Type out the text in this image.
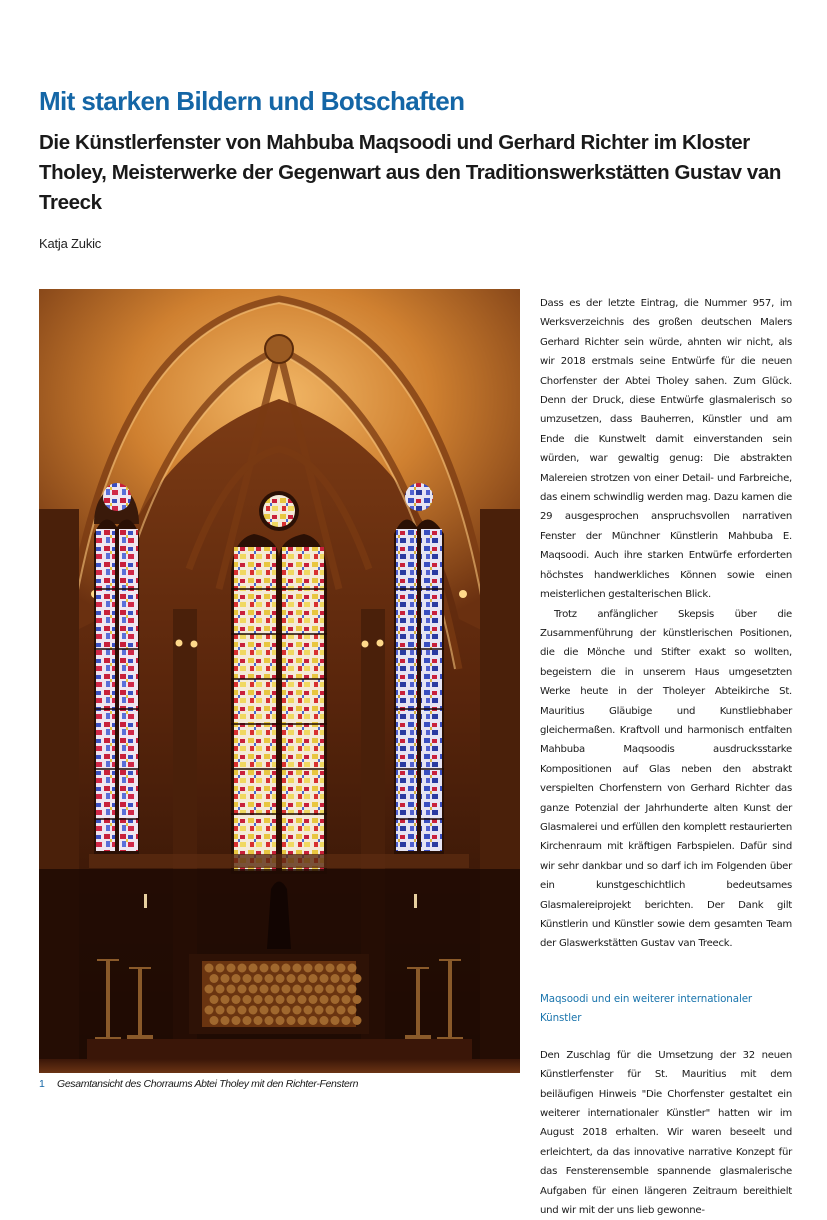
Mit starken Bildern und Botschaften
Die Künstlerfenster von Mahbuba Maqsoodi und Gerhard Richter im Kloster Tholey, Meisterwerke der Gegenwart aus den Traditionswerkstätten Gustav van Treeck
Katja Zukic
1 Gesamtansicht des Chorraums Abtei Tholey mit den Richter-Fenstern

Dass es der letzte Eintrag, die Nummer 957, im Werksverzeichnis des großen deutschen Malers Gerhard Richter sein würde, ahnten wir nicht, als wir 2018 erstmals seine Entwürfe für die neuen Chorfenster der Abtei Tholey sahen. Zum Glück. Denn der Druck, diese Entwürfe glasmalerisch so umzusetzen, dass Bauherren, Künstler und am Ende die Kunstwelt damit einverstanden sein würden, war gewaltig genug: Die abstrakten Malereien strotzen von einer Detail- und Farbreiche, das einem schwindlig werden mag. Dazu kamen die 29 ausgesprochen anspruchsvollen narrativen Fenster der Münchner Künstlerin Mahbuba E. Maqsoodi. Auch ihre starken Entwürfe erforderten höchstes handwerkliches Können sowie einen meisterlichen gestalterischen Blick.

Trotz anfänglicher Skepsis über die Zusammenführung der künstlerischen Positionen, die die Mönche und Stifter exakt so wollten, begeistern die in unserem Haus umgesetzten Werke heute in der Tholeyer Abteikirche St. Mauritius Gläubige und Kunstliebhaber gleichermaßen. Kraftvoll und harmonisch entfalten Mahbuba Maqsoodis ausdrucksstarke Kompositionen auf Glas neben den abstrakt verspielten Chorfenstern von Gerhard Richter das ganze Potenzial der Jahrhunderte alten Kunst der Glasmalerei und erfüllen den komplett restaurierten Kirchenraum mit kräftigen Farbspielen. Dafür sind wir sehr dankbar und so darf ich im Folgenden über ein kunstgeschichtlich bedeutsames Glasmalereiprojekt berichten. Der Dank gilt Künstlerin und Künstler sowie dem gesamten Team der Glaswerkstätten Gustav van Treeck.

Maqsoodi und ein weiterer internationaler Künstler

Den Zuschlag für die Umsetzung der 32 neuen Künstlerfenster für St. Mauritius mit dem beiläufigen Hinweis "Die Chorfenster gestaltet ein weiterer internationaler Künstler" hatten wir im August 2018 erhalten. Wir waren beseelt und erleichtert, da das innovative narrative Konzept für das Fensterensemble spannende glasmalerische Aufgaben für einen längeren Zeitraum bereithielt und wir mit der uns lieb gewonne-
